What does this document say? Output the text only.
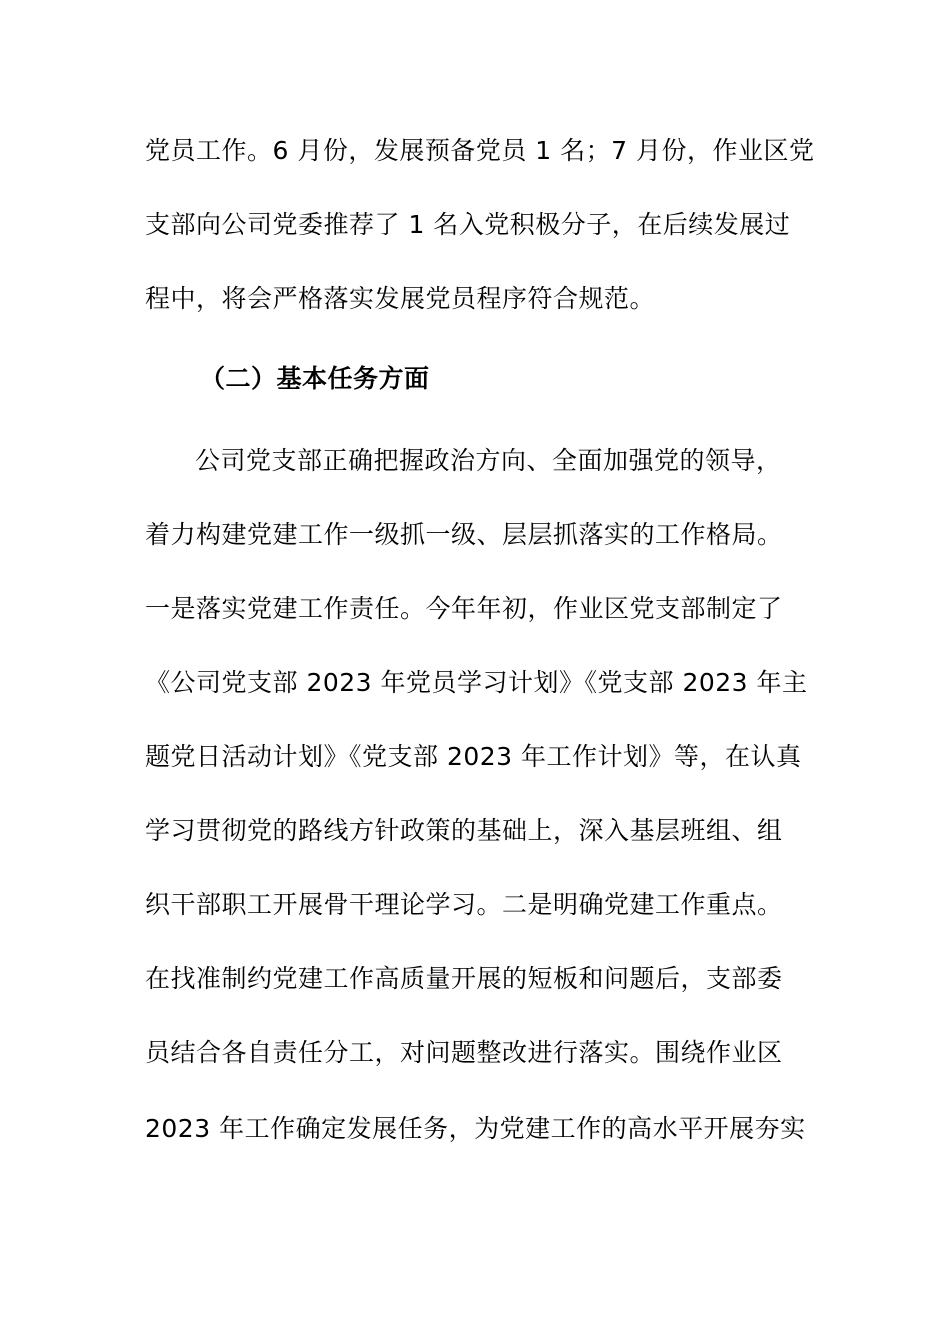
党员工作。6 月份，发展预备党员 1 名；7 月份，作业区党
支部向公司党委推荐了 1 名入党积极分子，在后续发展过
程中，将会严格落实发展党员程序符合规范。
（二）基本任务方面
公司党支部正确把握政治方向、全面加强党的领导，
着力构建党建工作一级抓一级、层层抓落实的工作格局。
一是落实党建工作责任。今年年初，作业区党支部制定了
《公司党支部 2023 年党员学习计划》《党支部 2023 年主
题党日活动计划》《党支部 2023 年工作计划》等，在认真
学习贯彻党的路线方针政策的基础上，深入基层班组、组
织干部职工开展骨干理论学习。二是明确党建工作重点。
在找准制约党建工作高质量开展的短板和问题后，支部委
员结合各自责任分工，对问题整改进行落实。围绕作业区
2023 年工作确定发展任务，为党建工作的高水平开展夯实
